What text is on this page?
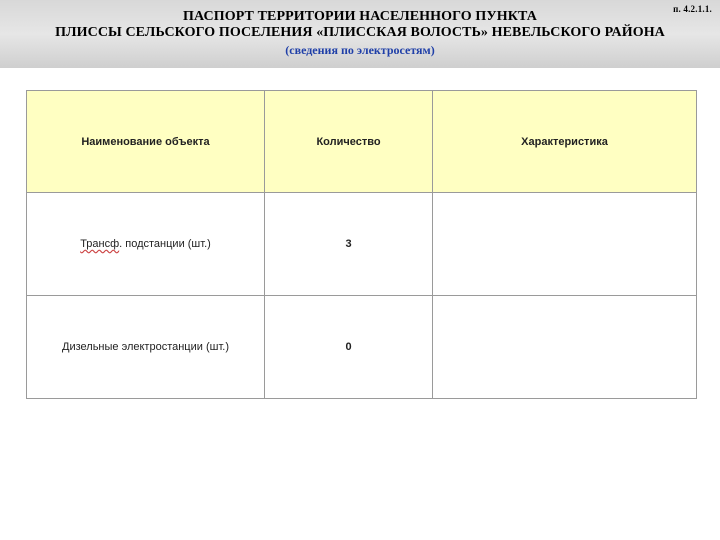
п. 4.2.1.1.
ПАСПОРТ ТЕРРИТОРИИ НАСЕЛЕННОГО ПУНКТА
ПЛИССЫ СЕЛЬСКОГО ПОСЕЛЕНИЯ «ПЛИССКАЯ ВОЛОСТЬ» НЕВЕЛЬСКОГО РАЙОНА
(сведения по электросетям)
Наименование объекта	Количество	Характеристика
Трансф. подстанции (шт.)	3	
Дизельные электростанции (шт.)	0	
